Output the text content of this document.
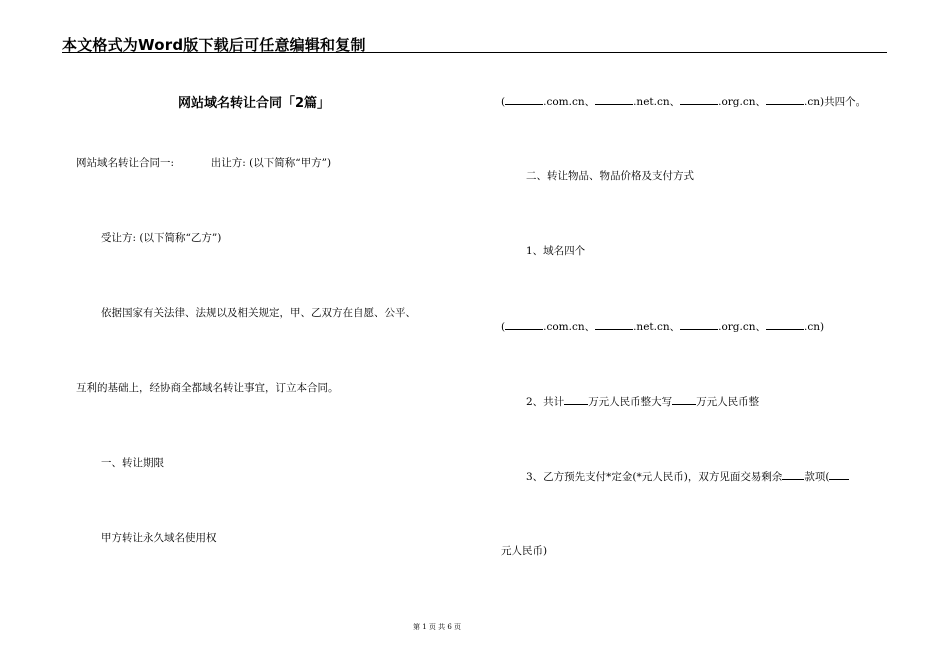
本文格式为Word版下载后可任意编辑和复制
网站域名转让合同「2篇」
网站域名转让合同一:	出让方: (以下简称“甲方”)
受让方: (以下简称“乙方”)
依据国家有关法律、法规以及相关规定，甲、乙双方在自愿、公平、
互利的基础上，经协商全都域名转让事宜，订立本合同。
一、转让期限
甲方转让永久域名使用权
(	.com.cn、	.net.cn、	.org.cn、	.cn)共四个。
二、转让物品、物品价格及支付方式
1、域名四个
(	.com.cn、	.net.cn、	.org.cn、	.cn)
2、共计 万元人民币整大写 万元人民币整
3、乙方预先支付*定金(*元人民币)，双方见面交易剩余 款项(
元人民币)
第 1 页 共 6 页
